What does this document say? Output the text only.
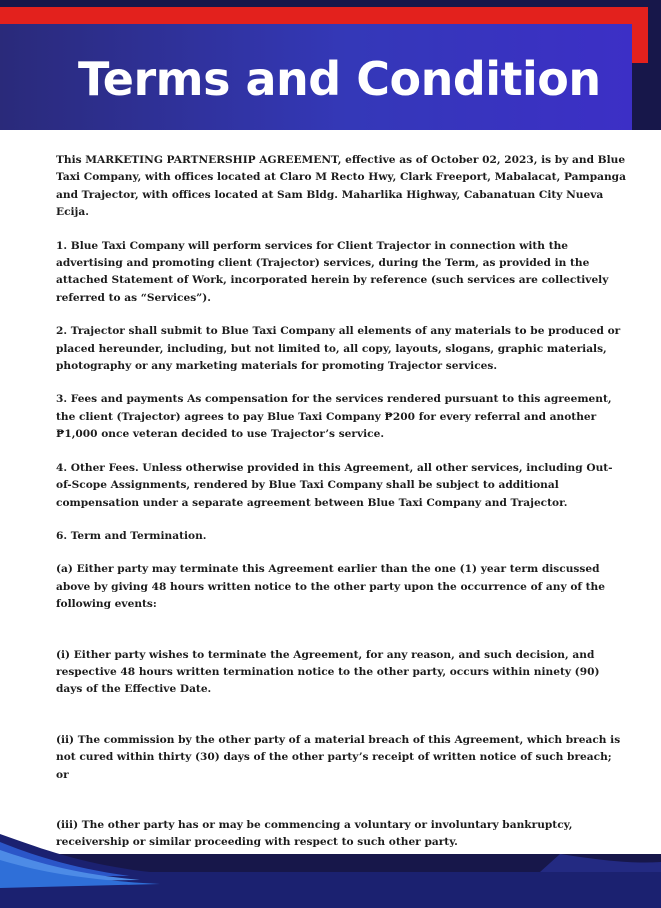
Terms and Condition

This MARKETING PARTNERSHIP AGREEMENT, effective as of October 02, 2023, is by and Blue Taxi Company, with offices located at Claro M Recto Hwy, Clark Freeport, Mabalacat, Pampanga and Trajector, with offices located at Sam Bldg. Maharlika Highway, Cabanatuan City Nueva Ecija.

1. Blue Taxi Company will perform services for Client Trajector in connection with the advertising and promoting client (Trajector) services, during the Term, as provided in the attached Statement of Work, incorporated herein by reference (such services are collectively referred to as “Services”).

2. Trajector shall submit to Blue Taxi Company all elements of any materials to be produced or placed hereunder, including, but not limited to, all copy, layouts, slogans, graphic materials, photography or any marketing materials for promoting Trajector services.

3. Fees and payments As compensation for the services rendered pursuant to this agreement, the client (Trajector) agrees to pay Blue Taxi Company ₱200 for every referral and another ₱1,000 once veteran decided to use Trajector’s service.

4. Other Fees. Unless otherwise provided in this Agreement, all other services, including Out-of-Scope Assignments, rendered by Blue Taxi Company shall be subject to additional compensation under a separate agreement between Blue Taxi Company and Trajector.

6. Term and Termination.

(a) Either party may terminate this Agreement earlier than the one (1) year term discussed above by giving 48 hours written notice to the other party upon the occurrence of any of the following events:

(i) Either party wishes to terminate the Agreement, for any reason, and such decision, and respective 48 hours written termination notice to the other party, occurs within ninety (90) days of the Effective Date.

(ii) The commission by the other party of a material breach of this Agreement, which breach is not cured within thirty (30) days of the other party’s receipt of written notice of such breach; or

(iii) The other party has or may be commencing a voluntary or involuntary bankruptcy, receivership or similar proceeding with respect to such other party.
